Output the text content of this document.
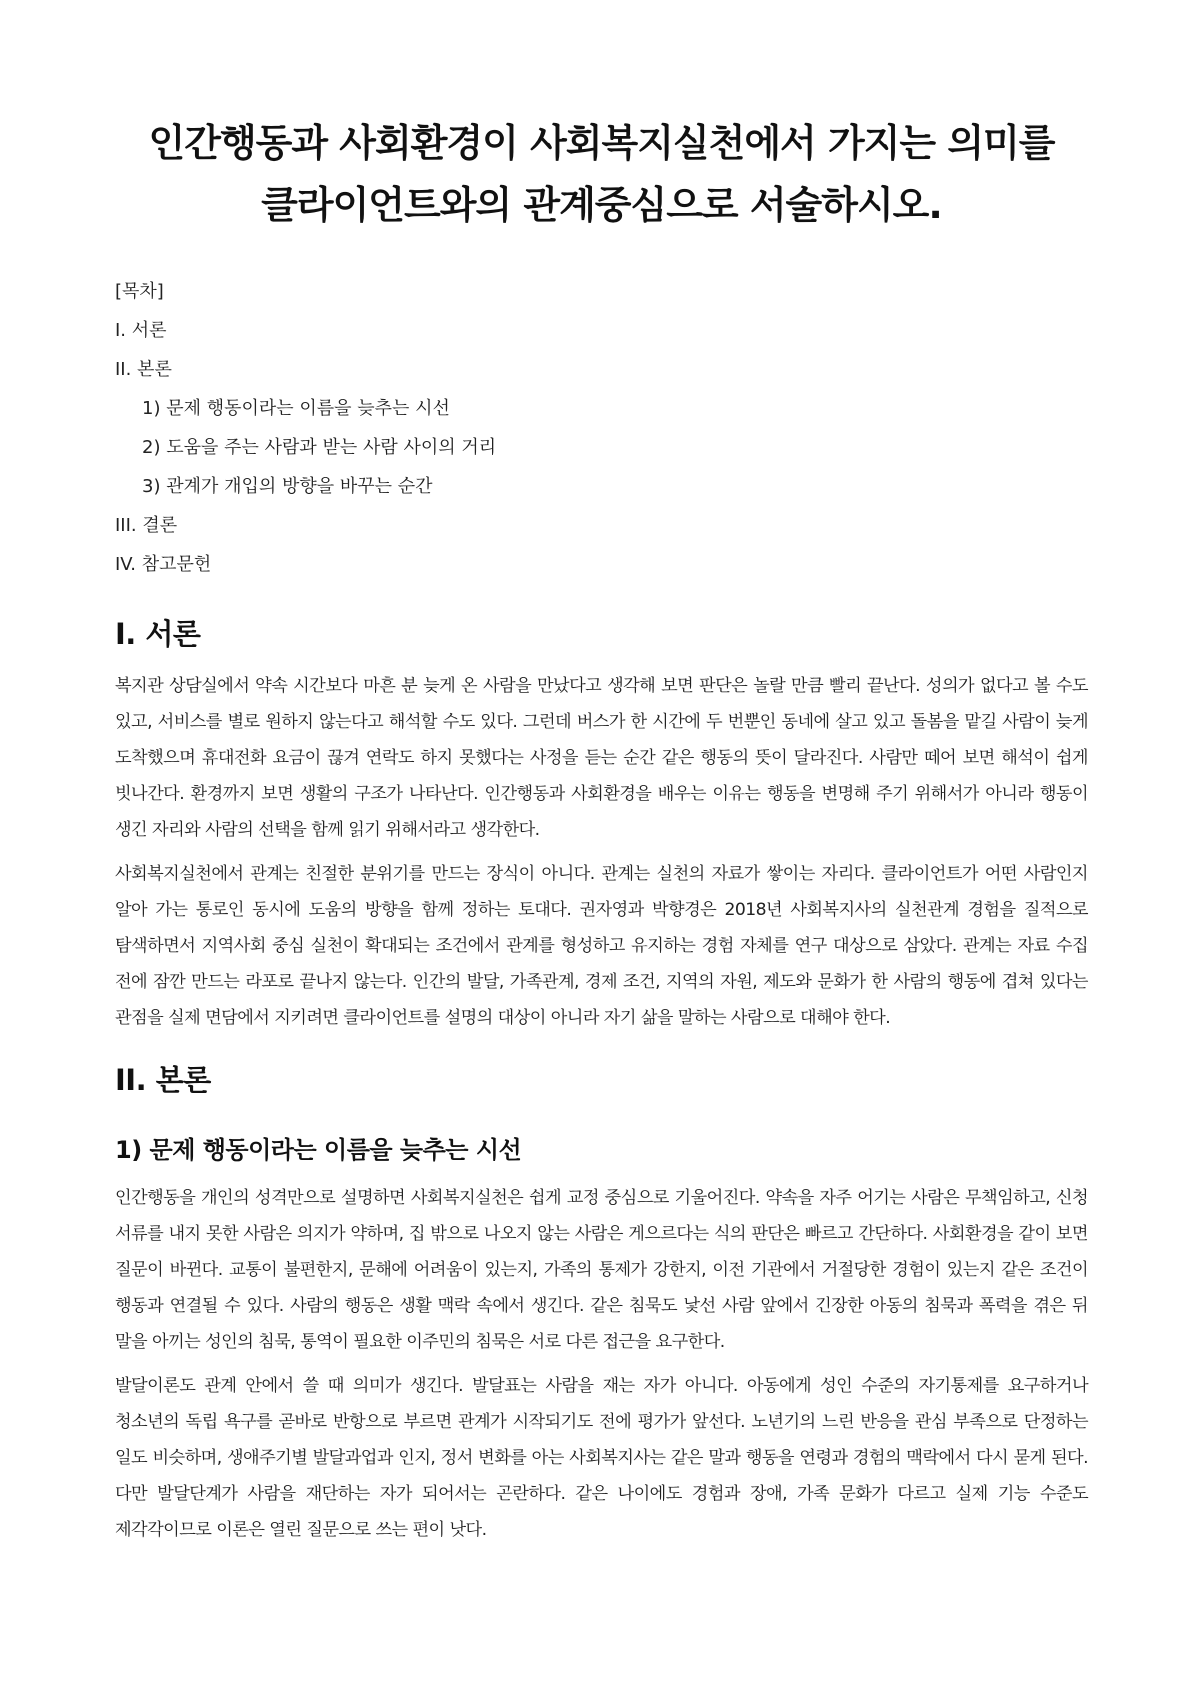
인간행동과 사회환경이 사회복지실천에서 가지는 의미를 클라이언트와의 관계중심으로 서술하시오.

[목차]

I. 서론

II. 본론

1) 문제 행동이라는 이름을 늦추는 시선

2) 도움을 주는 사람과 받는 사람 사이의 거리

3) 관계가 개입의 방향을 바꾸는 순간

III. 결론

IV. 참고문헌

I. 서론

복지관 상담실에서 약속 시간보다 마흔 분 늦게 온 사람을 만났다고 생각해 보면 판단은 놀랄 만큼 빨리 끝난다. 성의가 없다고 볼 수도 있고, 서비스를 별로 원하지 않는다고 해석할 수도 있다. 그런데 버스가 한 시간에 두 번뿐인 동네에 살고 있고 돌봄을 맡길 사람이 늦게 도착했으며 휴대전화 요금이 끊겨 연락도 하지 못했다는 사정을 듣는 순간 같은 행동의 뜻이 달라진다. 사람만 떼어 보면 해석이 쉽게 빗나간다. 환경까지 보면 생활의 구조가 나타난다. 인간행동과 사회환경을 배우는 이유는 행동을 변명해 주기 위해서가 아니라 행동이 생긴 자리와 사람의 선택을 함께 읽기 위해서라고 생각한다.

사회복지실천에서 관계는 친절한 분위기를 만드는 장식이 아니다. 관계는 실천의 자료가 쌓이는 자리다. 클라이언트가 어떤 사람인지 알아 가는 통로인 동시에 도움의 방향을 함께 정하는 토대다. 권자영과 박향경은 2018년 사회복지사의 실천관계 경험을 질적으로 탐색하면서 지역사회 중심 실천이 확대되는 조건에서 관계를 형성하고 유지하는 경험 자체를 연구 대상으로 삼았다. 관계는 자료 수집 전에 잠깐 만드는 라포로 끝나지 않는다. 인간의 발달, 가족관계, 경제 조건, 지역의 자원, 제도와 문화가 한 사람의 행동에 겹쳐 있다는 관점을 실제 면담에서 지키려면 클라이언트를 설명의 대상이 아니라 자기 삶을 말하는 사람으로 대해야 한다.

II. 본론
1) 문제 행동이라는 이름을 늦추는 시선

인간행동을 개인의 성격만으로 설명하면 사회복지실천은 쉽게 교정 중심으로 기울어진다. 약속을 자주 어기는 사람은 무책임하고, 신청 서류를 내지 못한 사람은 의지가 약하며, 집 밖으로 나오지 않는 사람은 게으르다는 식의 판단은 빠르고 간단하다. 사회환경을 같이 보면 질문이 바뀐다. 교통이 불편한지, 문해에 어려움이 있는지, 가족의 통제가 강한지, 이전 기관에서 거절당한 경험이 있는지 같은 조건이 행동과 연결될 수 있다. 사람의 행동은 생활 맥락 속에서 생긴다. 같은 침묵도 낯선 사람 앞에서 긴장한 아동의 침묵과 폭력을 겪은 뒤 말을 아끼는 성인의 침묵, 통역이 필요한 이주민의 침묵은 서로 다른 접근을 요구한다.

발달이론도 관계 안에서 쓸 때 의미가 생긴다. 발달표는 사람을 재는 자가 아니다. 아동에게 성인 수준의 자기통제를 요구하거나 청소년의 독립 욕구를 곧바로 반항으로 부르면 관계가 시작되기도 전에 평가가 앞선다. 노년기의 느린 반응을 관심 부족으로 단정하는 일도 비슷하며, 생애주기별 발달과업과 인지, 정서 변화를 아는 사회복지사는 같은 말과 행동을 연령과 경험의 맥락에서 다시 묻게 된다. 다만 발달단계가 사람을 재단하는 자가 되어서는 곤란하다. 같은 나이에도 경험과 장애, 가족 문화가 다르고 실제 기능 수준도 제각각이므로 이론은 열린 질문으로 쓰는 편이 낫다.
